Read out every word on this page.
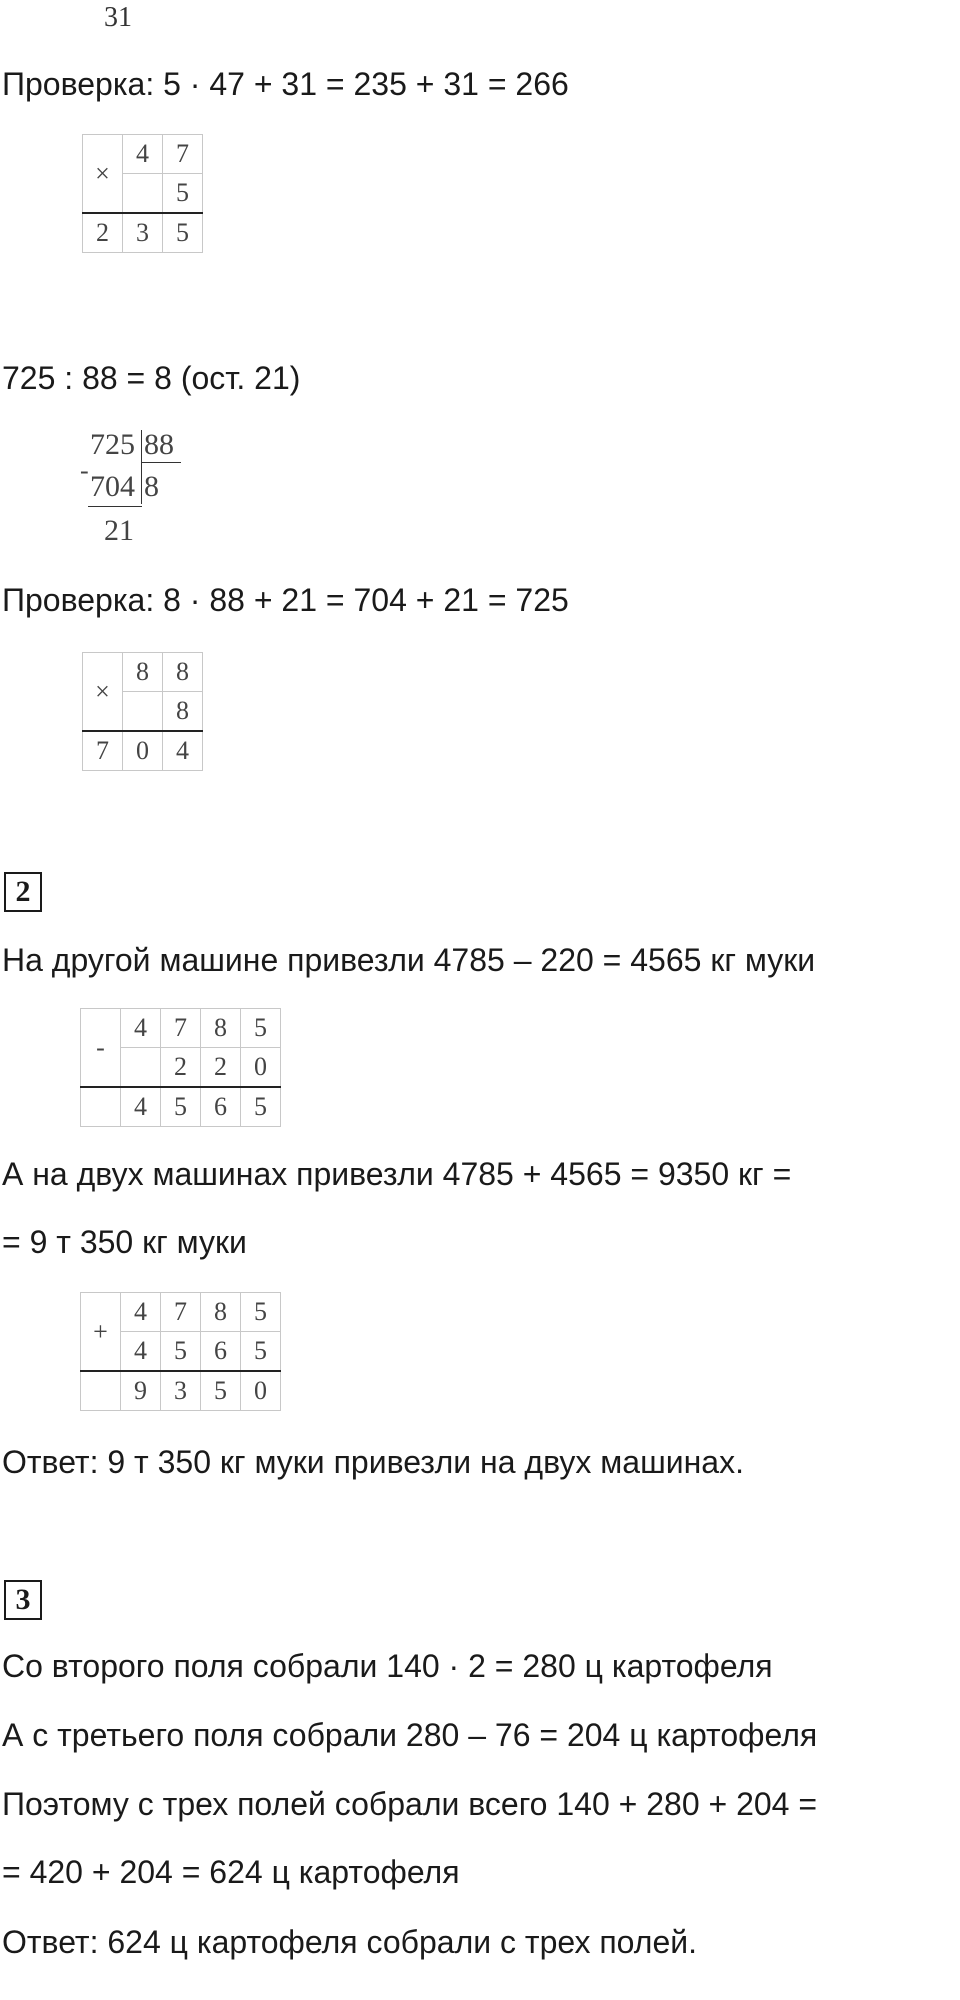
31
Проверка: 5 · 47 + 31 = 235 + 31 = 266
×	4	7
		5
2	3	5
725 : 88 = 8 (ост. 21)
725 88
- 704 8
21
Проверка: 8 · 88 + 21 = 704 + 21 = 725
×	8	8
		8
7	0	4
2
На другой машине привезли 4785 – 220 = 4565 кг муки
-	4	7	8	5
		2	2	0
	4	5	6	5
А на двух машинах привезли 4785 + 4565 = 9350 кг =
= 9 т 350 кг муки
+	4	7	8	5
	4	5	6	5
	9	3	5	0
Ответ: 9 т 350 кг муки привезли на двух машинах.
3
Со второго поля собрали 140 · 2 = 280 ц картофеля
А с третьего поля собрали 280 – 76 = 204 ц картофеля
Поэтому с трех полей собрали всего 140 + 280 + 204 =
= 420 + 204 = 624 ц картофеля
Ответ: 624 ц картофеля собрали с трех полей.
